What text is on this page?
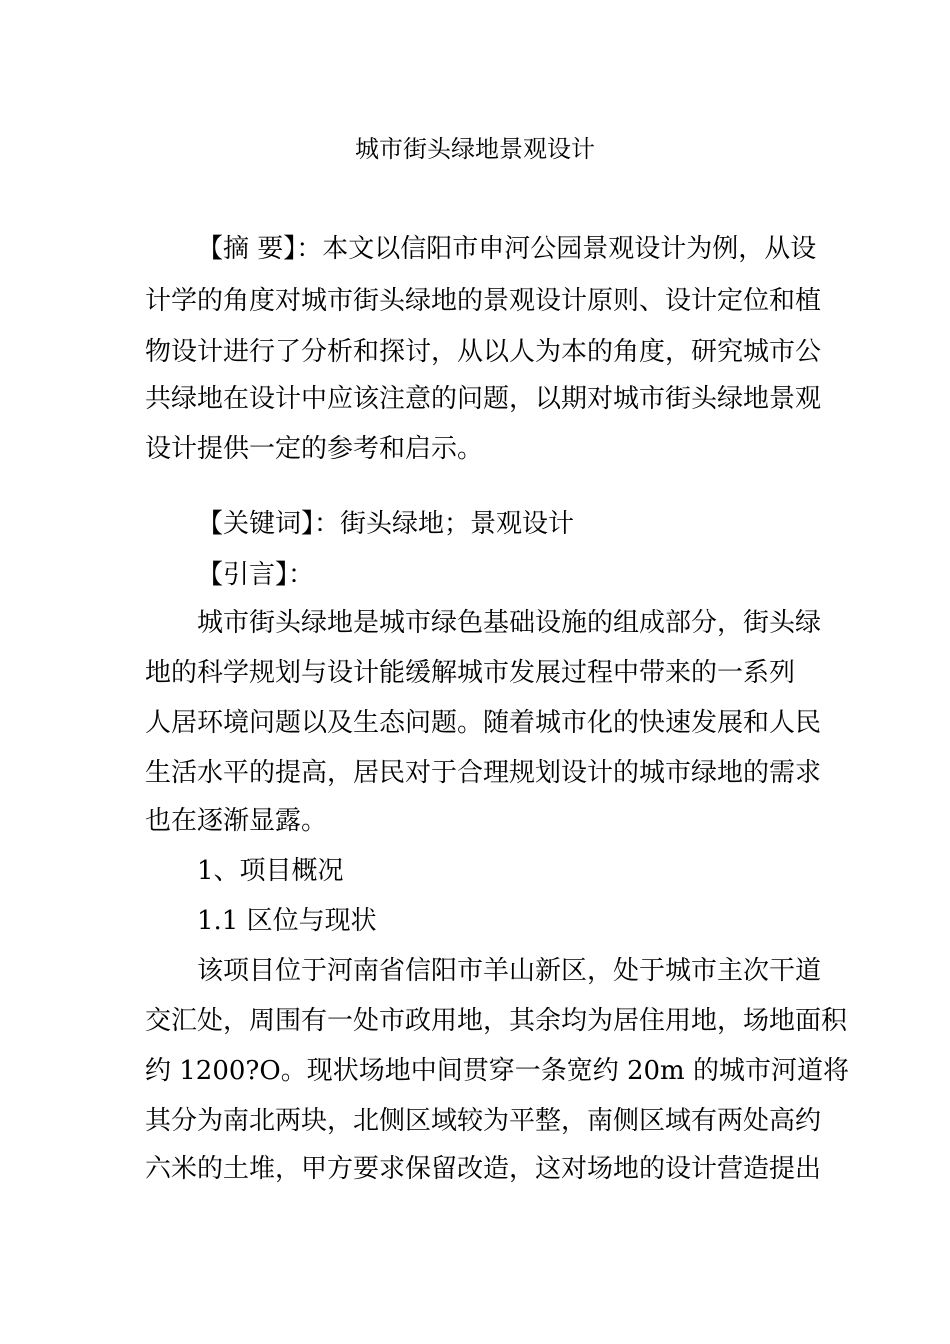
城市街头绿地景观设计
【摘 要】：本文以信阳市申河公园景观设计为例，从设
计学的角度对城市街头绿地的景观设计原则、设计定位和植
物设计进行了分析和探讨，从以人为本的角度，研究城市公
共绿地在设计中应该注意的问题，以期对城市街头绿地景观
设计提供一定的参考和启示。
【关键词】：街头绿地；景观设计
【引言】：
城市街头绿地是城市绿色基础设施的组成部分，街头绿
地的科学规划与设计能缓解城市发展过程中带来的一系列
人居环境问题以及生态问题。随着城市化的快速发展和人民
生活水平的提高，居民对于合理规划设计的城市绿地的需求
也在逐渐显露。
1、项目概况
1.1 区位与现状
该项目位于河南省信阳市羊山新区，处于城市主次干道
交汇处，周围有一处市政用地，其余均为居住用地，场地面积
约 1200?O。现状场地中间贯穿一条宽约 20m 的城市河道将
其分为南北两块，北侧区域较为平整，南侧区域有两处高约
六米的土堆，甲方要求保留改造，这对场地的设计营造提出
